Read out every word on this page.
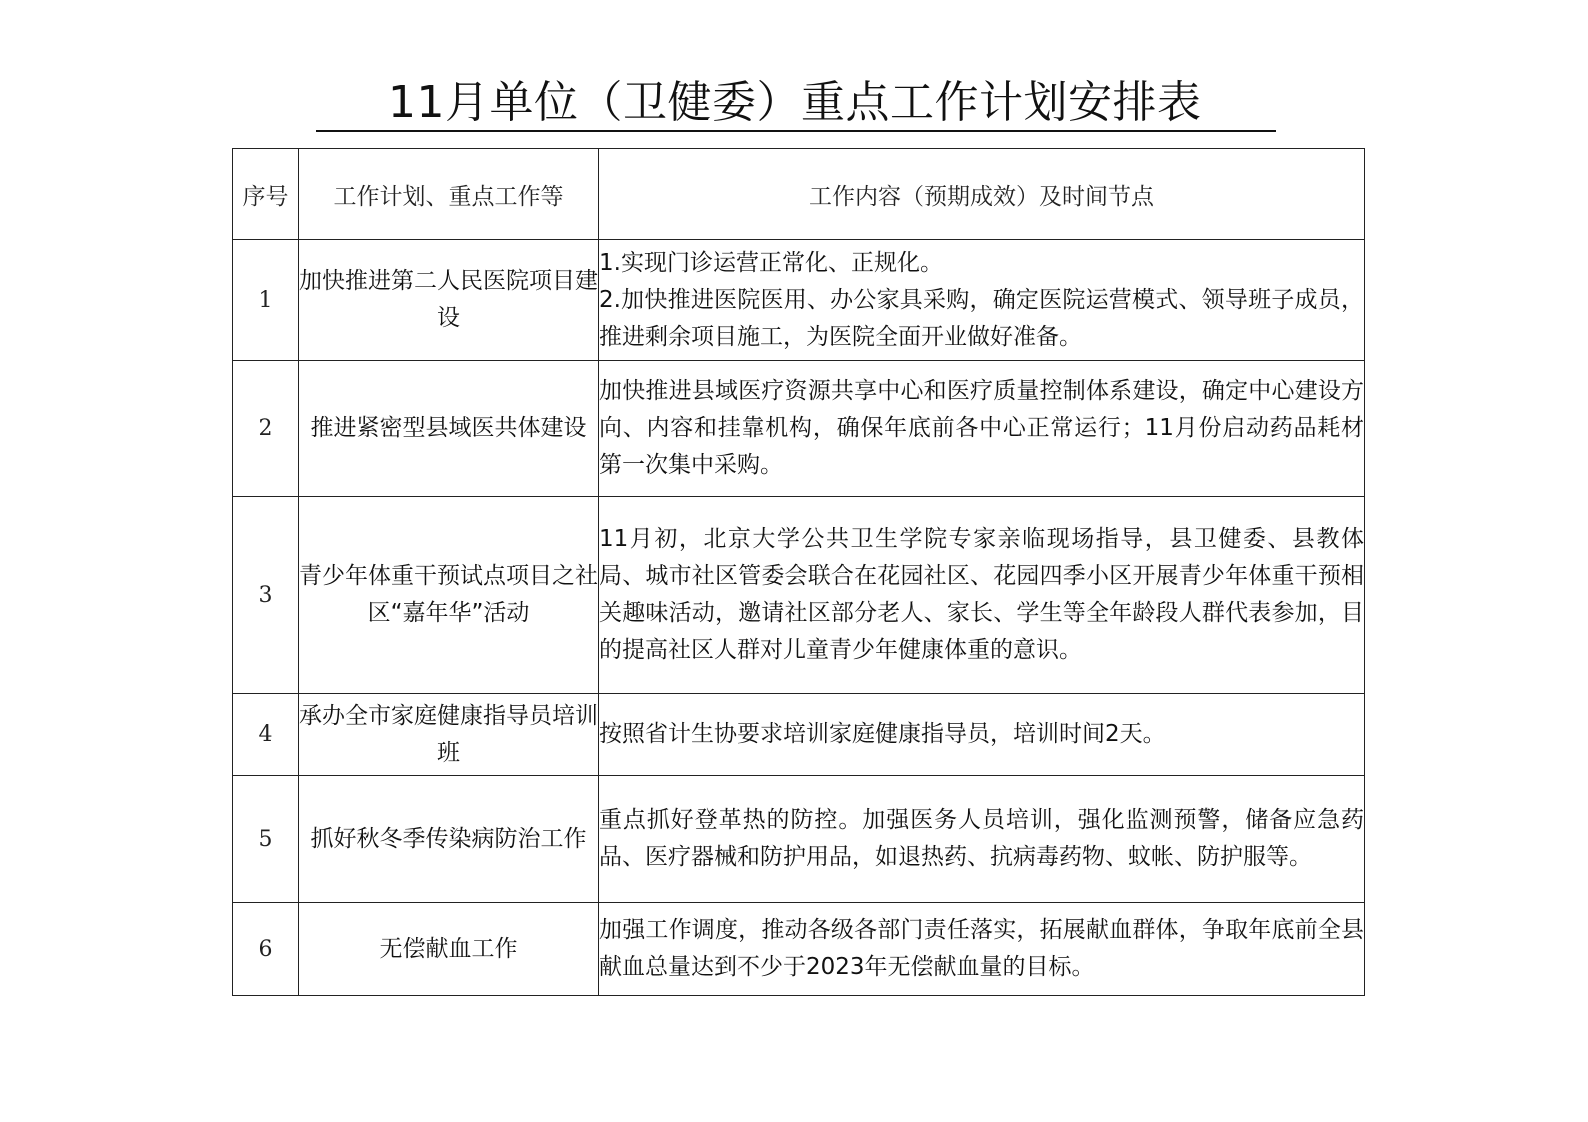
11月单位（卫健委）重点工作计划安排表
序号	工作计划、重点工作等	工作内容（预期成效）及时间节点
1	加快推进第二人民医院项目建设	1.实现门诊运营正常化、正规化。
2.加快推进医院医用、办公家具采购，确定医院运营模式、领导班子成员，推进剩余项目施工，为医院全面开业做好准备。

2	推进紧密型县域医共体建设	加快推进县域医疗资源共享中心和医疗质量控制体系建设，确定中心建设方向、内容和挂靠机构，确保年底前各中心正常运行；11月份启动药品耗材第一次集中采购。

3	青少年体重干预试点项目之社区“嘉年华”活动	11月初，北京大学公共卫生学院专家亲临现场指导，县卫健委、县教体局、城市社区管委会联合在花园社区、花园四季小区开展青少年体重干预相关趣味活动，邀请社区部分老人、家长、学生等全年龄段人群代表参加，目的提高社区人群对儿童青少年健康体重的意识。

4	承办全市家庭健康指导员培训班	按照省计生协要求培训家庭健康指导员，培训时间2天。

5	抓好秋冬季传染病防治工作	重点抓好登革热的防控。加强医务人员培训，强化监测预警，储备应急药品、医疗器械和防护用品，如退热药、抗病毒药物、蚊帐、防护服等。

6	无偿献血工作	加强工作调度，推动各级各部门责任落实，拓展献血群体，争取年底前全县献血总量达到不少于2023年无偿献血量的目标。
